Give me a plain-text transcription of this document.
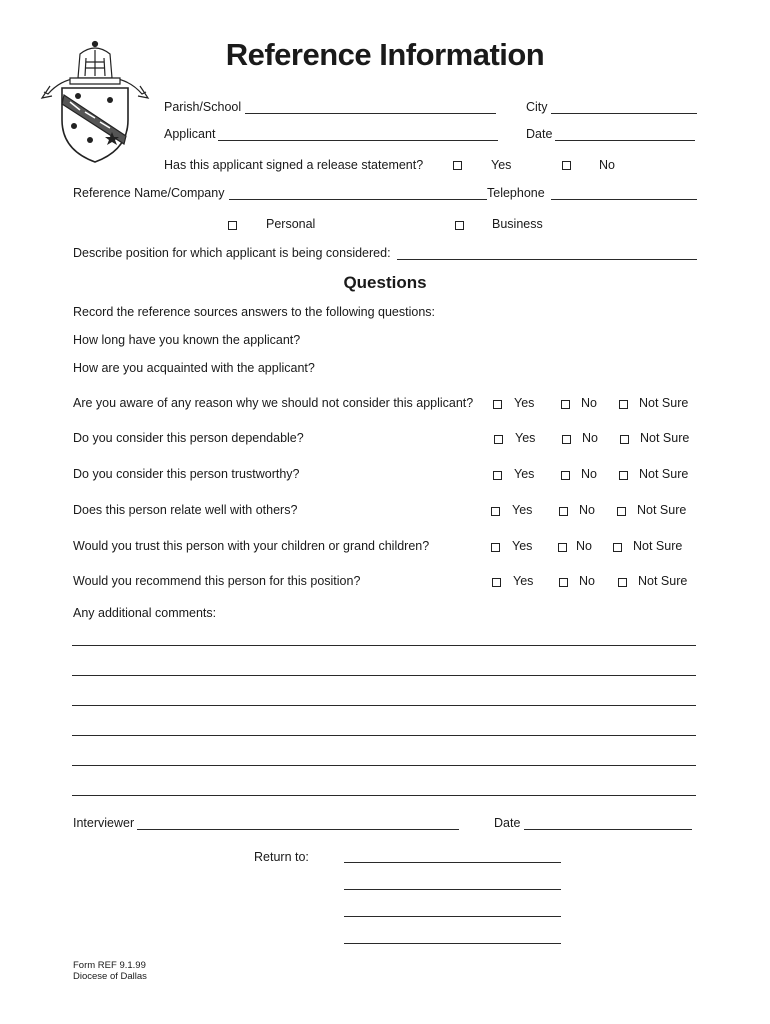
Reference Information
Parish/School	City
Applicant	Date
Has this applicant signed a release statement?	Yes	No
Reference Name/Company	Telephone
Personal	Business
Describe position for which applicant is being considered:
Questions
Record the reference sources answers to the following questions:
How long have you known the applicant?
How are you acquainted with the applicant?
Are you aware of any reason why we should not consider this applicant?	Yes	No	Not Sure
Do you consider this person dependable?	Yes	No	Not Sure
Do you consider this person trustworthy?	Yes	No	Not Sure
Does this person relate well with others?	Yes	No	Not Sure
Would you trust this person with your children or grand children?	Yes	No	Not Sure
Would you recommend this person for this position?	Yes	No	Not Sure
Any additional comments:
Interviewer	Date
Return to:
Form REF 9.1.99
Diocese of Dallas
